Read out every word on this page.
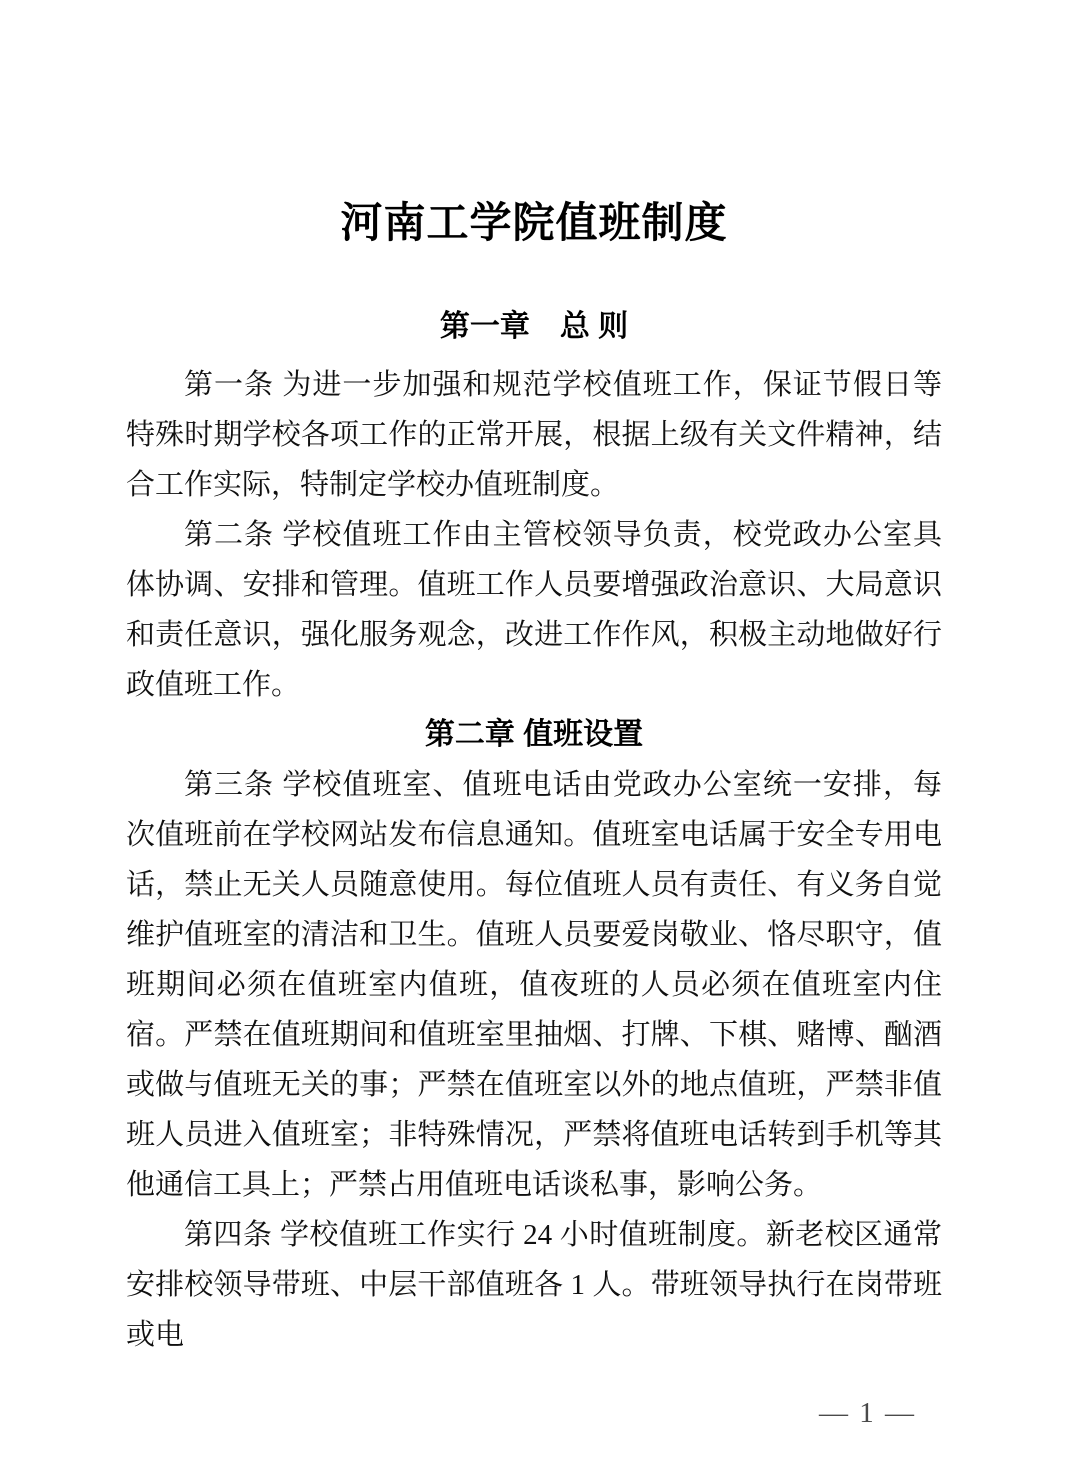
河南工学院值班制度
第一章　总 则

第一条 为进一步加强和规范学校值班工作，保证节假日等特殊时期学校各项工作的正常开展，根据上级有关文件精神，结合工作实际，特制定学校办值班制度。

第二条 学校值班工作由主管校领导负责，校党政办公室具体协调、安排和管理。值班工作人员要增强政治意识、大局意识和责任意识，强化服务观念，改进工作作风，积极主动地做好行政值班工作。

第二章 值班设置

第三条 学校值班室、值班电话由党政办公室统一安排，每次值班前在学校网站发布信息通知。值班室电话属于安全专用电话，禁止无关人员随意使用。每位值班人员有责任、有义务自觉维护值班室的清洁和卫生。值班人员要爱岗敬业、恪尽职守，值班期间必须在值班室内值班，值夜班的人员必须在值班室内住宿。严禁在值班期间和值班室里抽烟、打牌、下棋、赌博、酗酒或做与值班无关的事；严禁在值班室以外的地点值班，严禁非值班人员进入值班室；非特殊情况，严禁将值班电话转到手机等其他通信工具上；严禁占用值班电话谈私事，影响公务。

第四条 学校值班工作实行 24 小时值班制度。新老校区通常安排校领导带班、中层干部值班各 1 人。带班领导执行在岗带班或电

— 1 —
